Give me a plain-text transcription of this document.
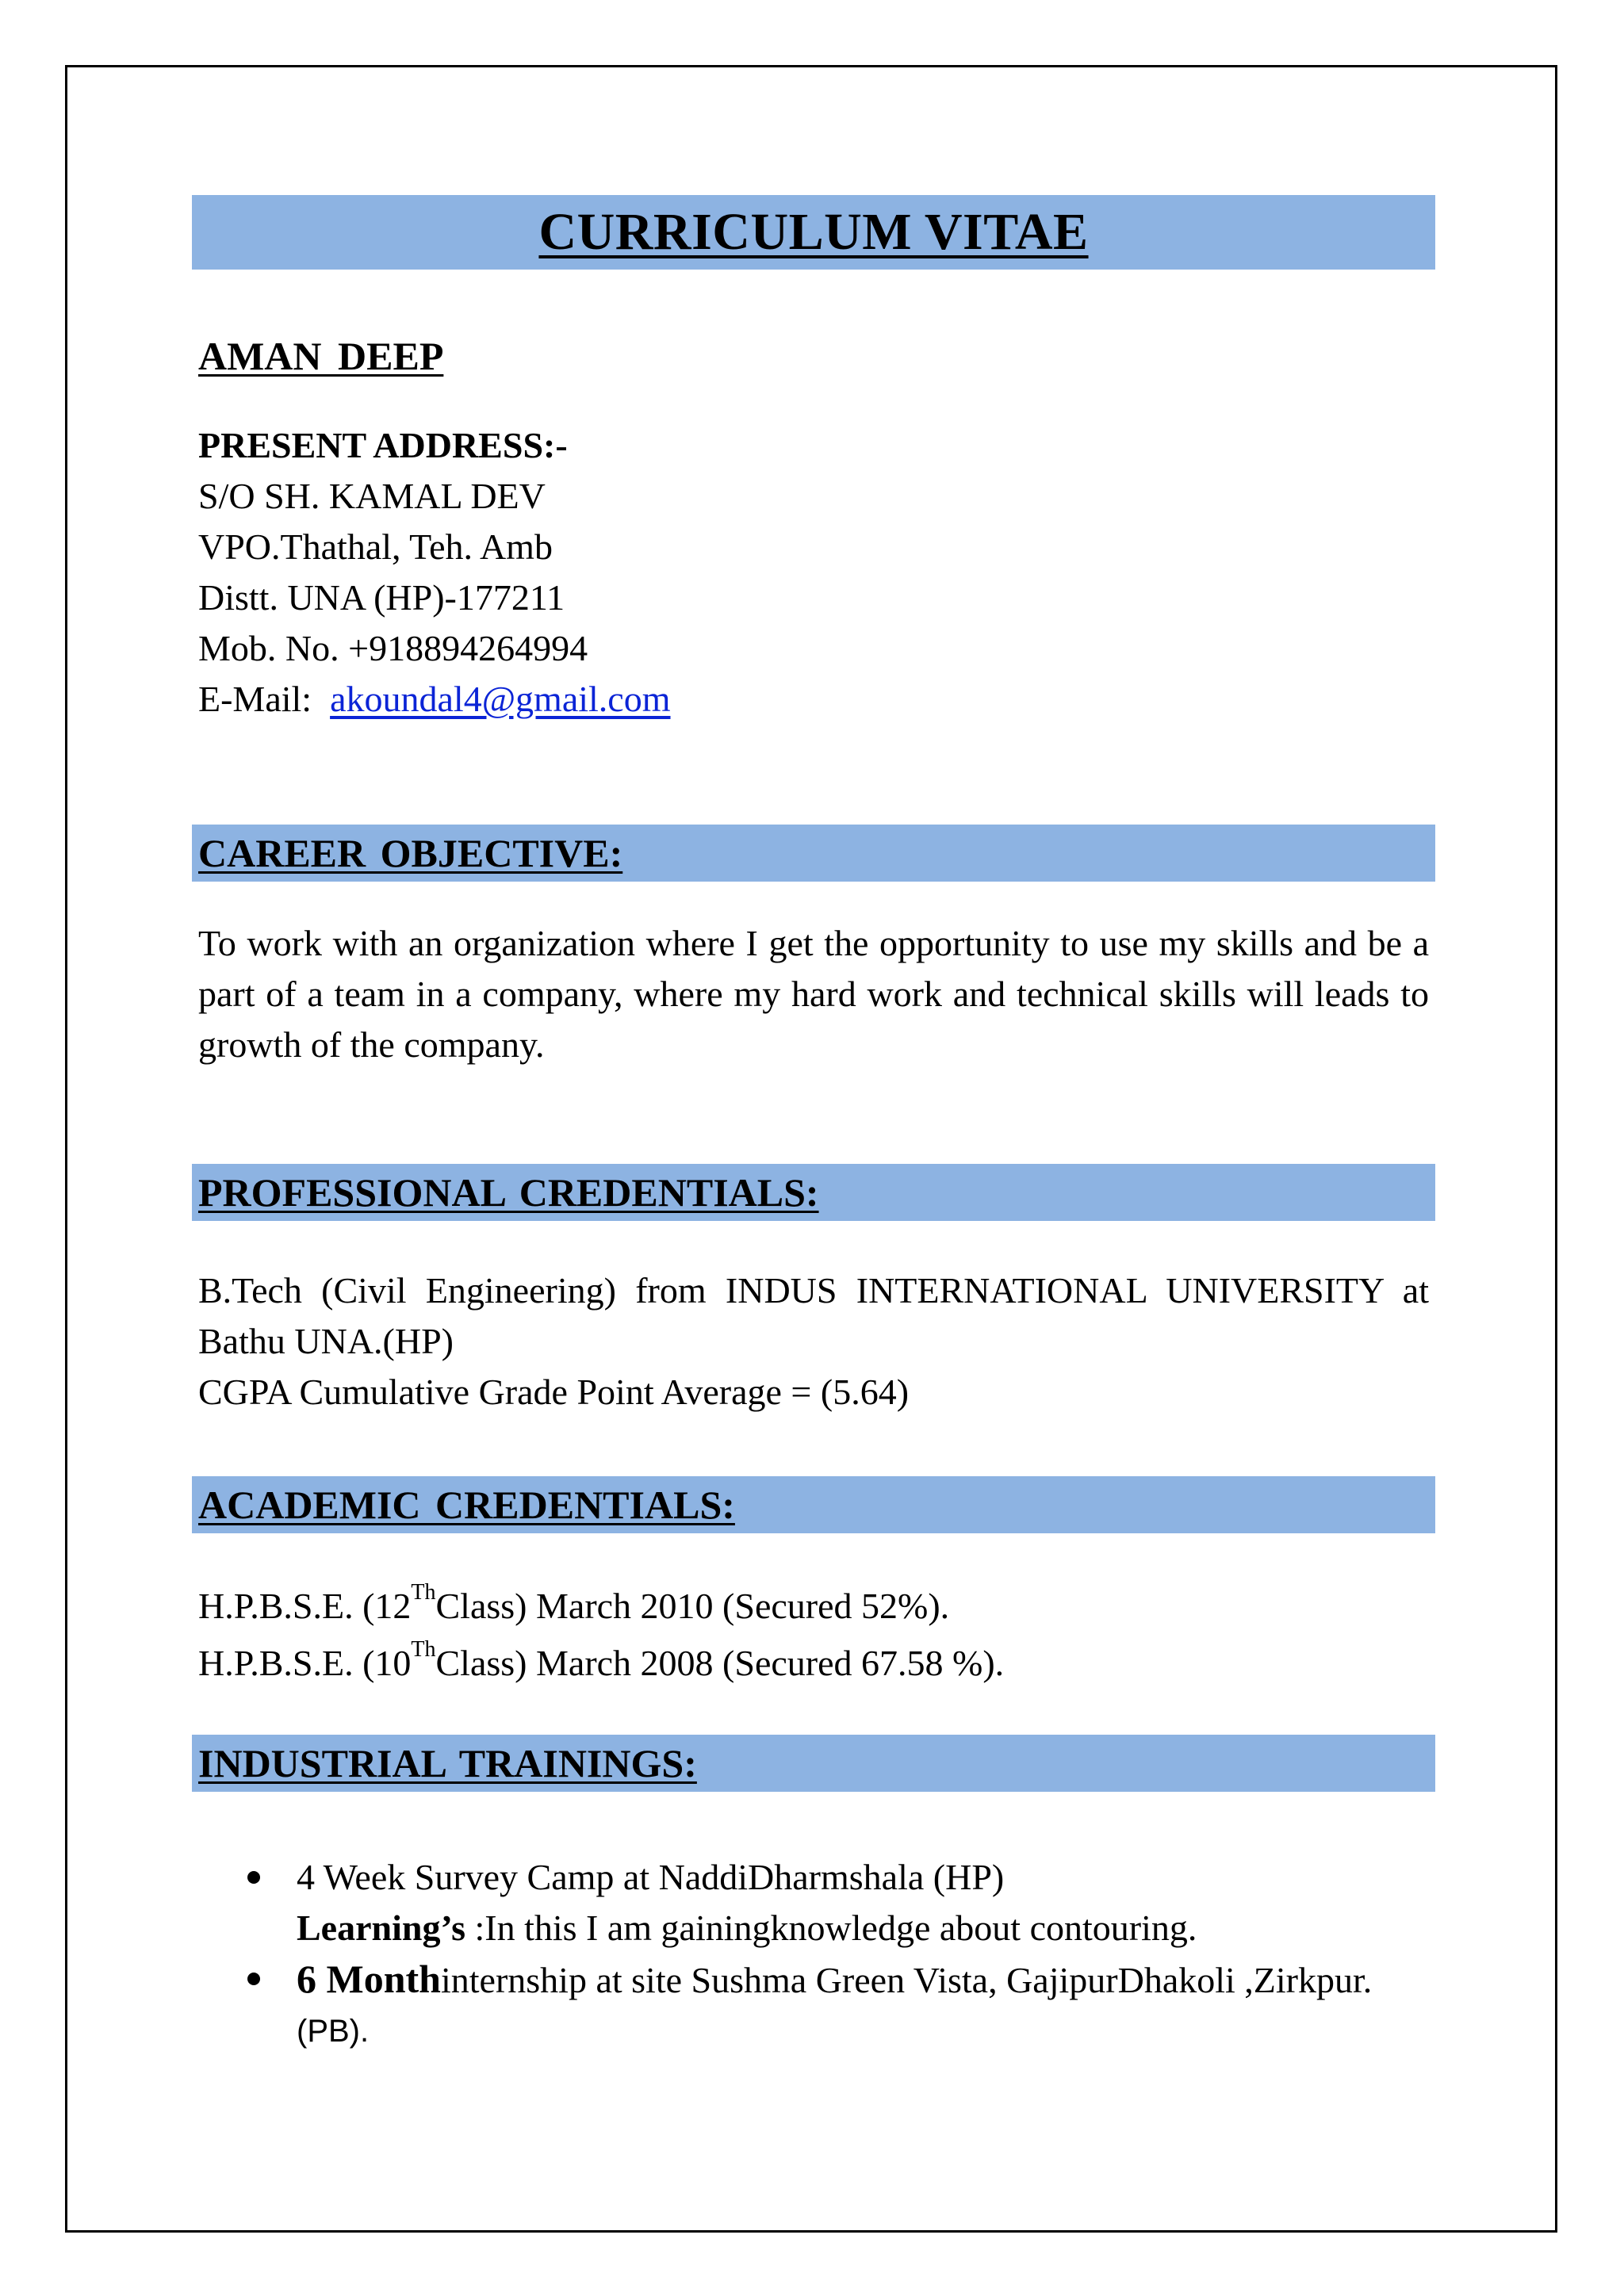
CURRICULUM VITAE
AMAN DEEP
PRESENT ADDRESS:-
S/O SH. KAMAL DEV
VPO.Thathal, Teh. Amb
Distt. UNA (HP)-177211
Mob. No. +918894264994
E-Mail: akoundal4@gmail.com
CAREER OBJECTIVE:
To work with an organization where I get the opportunity to use my skills and be a part of a team in a company, where my hard work and technical skills will leads to growth of the company.
PROFESSIONAL CREDENTIALS:
B.Tech (Civil Engineering) from INDUS INTERNATIONAL UNIVERSITY at Bathu UNA.(HP)
CGPA Cumulative Grade Point Average = (5.64)
ACADEMIC CREDENTIALS:
H.P.B.S.E. (12ThClass) March 2010 (Secured 52%).
H.P.B.S.E. (10ThClass) March 2008 (Secured 67.58 %).
INDUSTRIAL TRAININGS:
4 Week Survey Camp at NaddiDharmshala (HP)
Learning’s :In this I am gainingknowledge about contouring.
6 Monthinternship at site Sushma Green Vista, GajipurDhakoli ,Zirkpur.
(PB).
